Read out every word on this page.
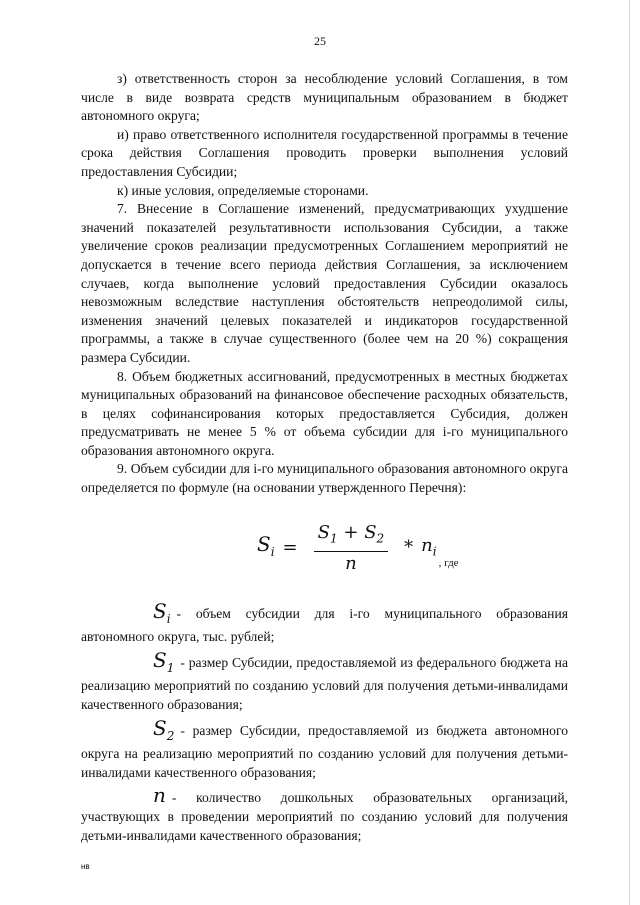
25

з) ответственность сторон за несоблюдение условий Соглашения, в том числе в виде возврата средств муниципальным образованием в бюджет автономного округа;

и) право ответственного исполнителя государственной программы в течение срока действия Соглашения проводить проверки выполнения условий предоставления Субсидии;

к) иные условия, определяемые сторонами.

7. Внесение в Соглашение изменений, предусматривающих ухудшение значений показателей результативности использования Субсидии, а также увеличение сроков реализации предусмотренных Соглашением мероприятий не допускается в течение всего периода действия Соглашения, за исключением случаев, когда выполнение условий предоставления Субсидии оказалось невозможным вследствие наступления обстоятельств непреодолимой силы, изменения значений целевых показателей и индикаторов государственной программы, а также в случае существенного (более чем на 20 %) сокращения размера Субсидии.

8. Объем бюджетных ассигнований, предусмотренных в местных бюджетах муниципальных образований на финансовое обеспечение расходных обязательств, в целях софинансирования которых предоставляется Субсидия, должен предусматривать не менее 5 % от объема субсидии для i-го муниципального образования автономного округа.

9. Объем субсидии для i-го муниципального образования автономного округа определяется по формуле (на основании утвержденного Перечня):

$S_i = \frac{S_1 + S_2}{n} * n_i$
, где

$S_i$ - объем субсидии для i-го муниципального образования автономного округа, тыс. рублей;

$S_1$ - размер Субсидии, предоставляемой из федерального бюджета на реализацию мероприятий по созданию условий для получения детьми-инвалидами качественного образования;

$S_2$ - размер Субсидии, предоставляемой из бюджета автономного округа на реализацию мероприятий по созданию условий для получения детьми-инвалидами качественного образования;

n - количество дошкольных образовательных организаций, участвующих в проведении мероприятий по созданию условий для получения детьми-инвалидами качественного образования;

нв
